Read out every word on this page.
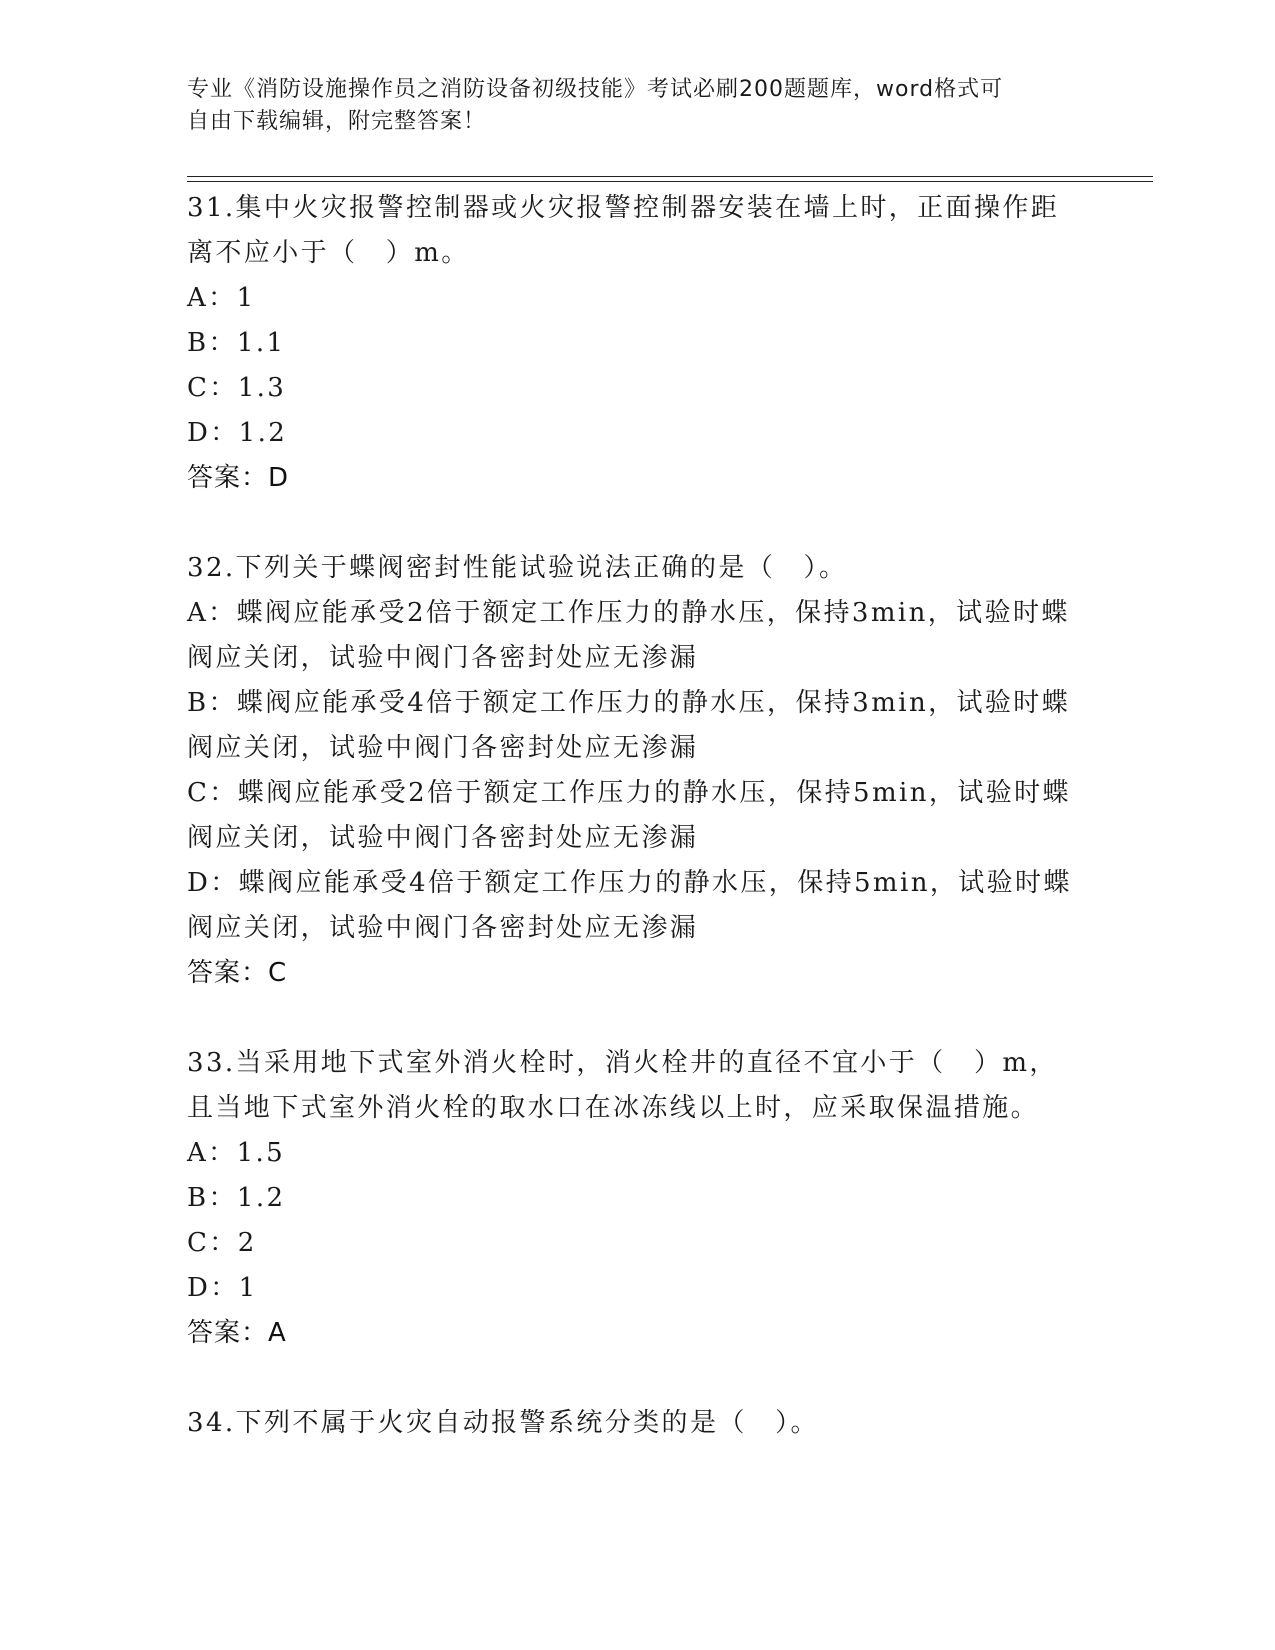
专业《消防设施操作员之消防设备初级技能》考试必刷200题题库，word格式可
自由下载编辑，附完整答案！
31.集中火灾报警控制器或火灾报警控制器安装在墙上时，正面操作距
离不应小于（　）m。
A：1
B：1.1
C：1.3
D：1.2
答案：D
32.下列关于蝶阀密封性能试验说法正确的是（　）。
A：蝶阀应能承受2倍于额定工作压力的静水压，保持3min，试验时蝶
阀应关闭，试验中阀门各密封处应无渗漏
B：蝶阀应能承受4倍于额定工作压力的静水压，保持3min，试验时蝶
阀应关闭，试验中阀门各密封处应无渗漏
C：蝶阀应能承受2倍于额定工作压力的静水压，保持5min，试验时蝶
阀应关闭，试验中阀门各密封处应无渗漏
D：蝶阀应能承受4倍于额定工作压力的静水压，保持5min，试验时蝶
阀应关闭，试验中阀门各密封处应无渗漏
答案：C
33.当采用地下式室外消火栓时，消火栓井的直径不宜小于（　）m，
且当地下式室外消火栓的取水口在冰冻线以上时，应采取保温措施。
A：1.5
B：1.2
C：2
D：1
答案：A
34.下列不属于火灾自动报警系统分类的是（　）。
